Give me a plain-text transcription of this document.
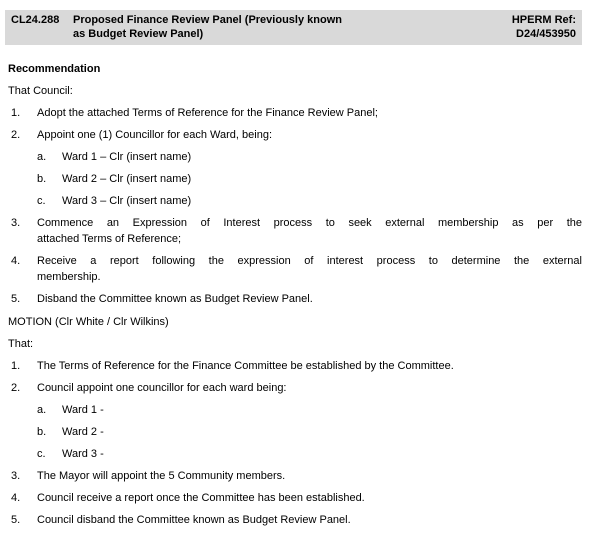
CL24.288	Proposed Finance Review Panel (Previously known
as Budget Review Panel)
HPERM Ref:
D24/453950
Recommendation
That Council:
1. Adopt the attached Terms of Reference for the Finance Review Panel;
2. Appoint one (1) Councillor for each Ward, being:
a. Ward 1 – Clr (insert name)
b. Ward 2 – Clr (insert name)
c. Ward 3 – Clr (insert name)
3. Commence an Expression of Interest process to seek external membership as per the
attached Terms of Reference;
4. Receive a report following the expression of interest process to determine the external
membership.
5. Disband the Committee known as Budget Review Panel.
MOTION (Clr White / Clr Wilkins)
That:
1. The Terms of Reference for the Finance Committee be established by the Committee.
2. Council appoint one councillor for each ward being:
a. Ward 1 -
b. Ward 2 -
c. Ward 3 -
3. The Mayor will appoint the 5 Community members.
4. Council receive a report once the Committee has been established.
5. Council disband the Committee known as Budget Review Panel.
